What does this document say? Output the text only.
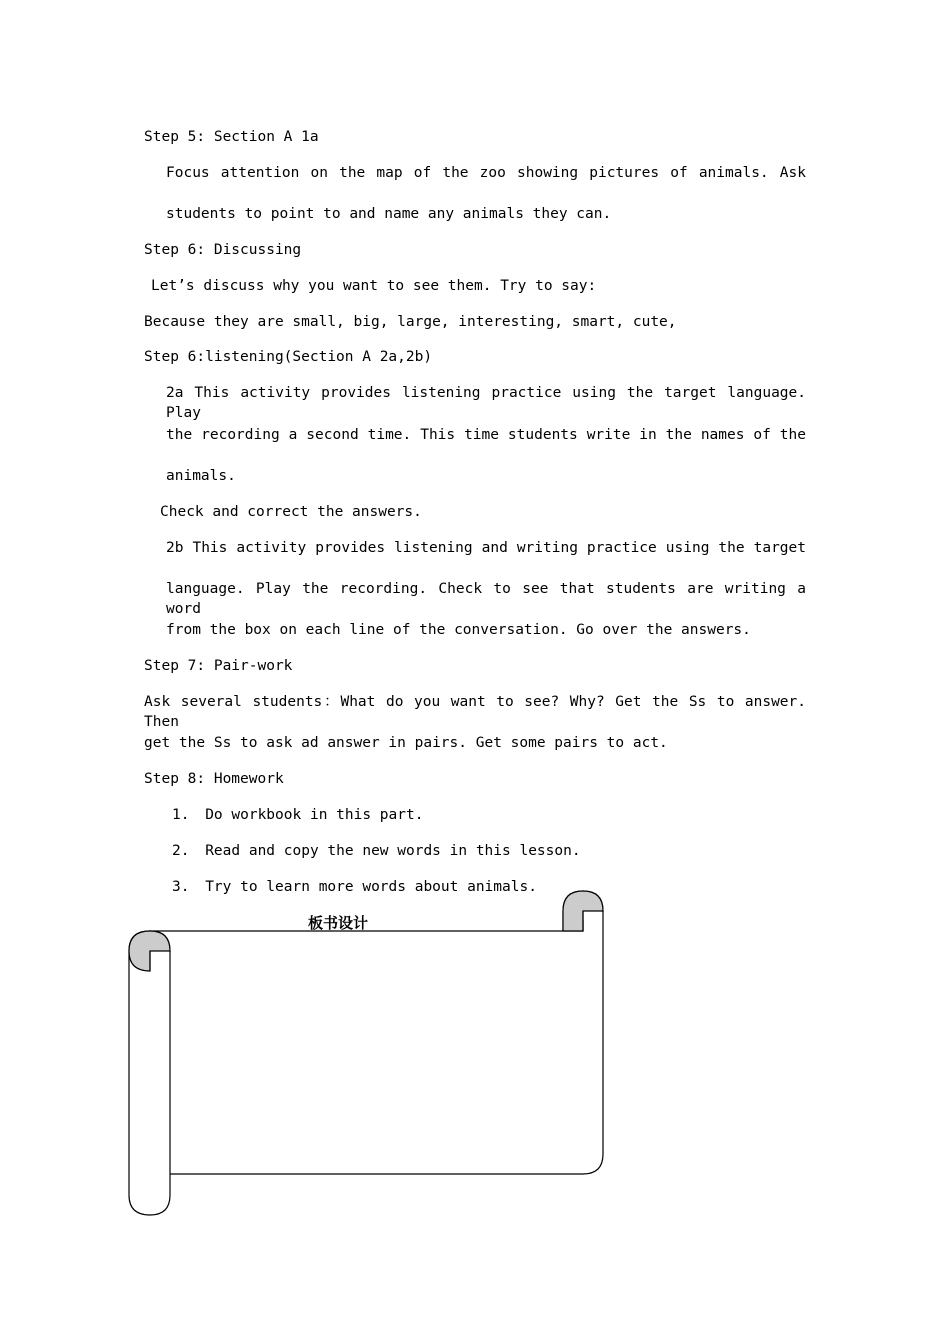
Step 5: Section A 1a
Focus attention on the map of the zoo showing pictures of animals. Ask
students to point to and name any animals they can.
Step 6: Discussing
Let’s discuss why you want to see them. Try to say:
Because they are small, big, large, interesting, smart, cute,
Step 6:listening(Section A 2a,2b)
2a This activity provides listening practice using the target language. Play
the recording a second time. This time students write in the names of the
animals.
Check and correct the answers.
2b This activity provides listening and writing practice using the target
language. Play the recording. Check to see that students are writing a word
from the box on each line of the conversation. Go over the answers.
Step 7: Pair-work
Ask several students：What do you want to see? Why? Get the Ss to answer. Then
get the Ss to ask ad answer in pairs. Get some pairs to act.
Step 8: Homework
1. Do workbook in this part.
2. Read and copy the new words in this lesson.
3. Try to learn more words about animals.
板书设计
